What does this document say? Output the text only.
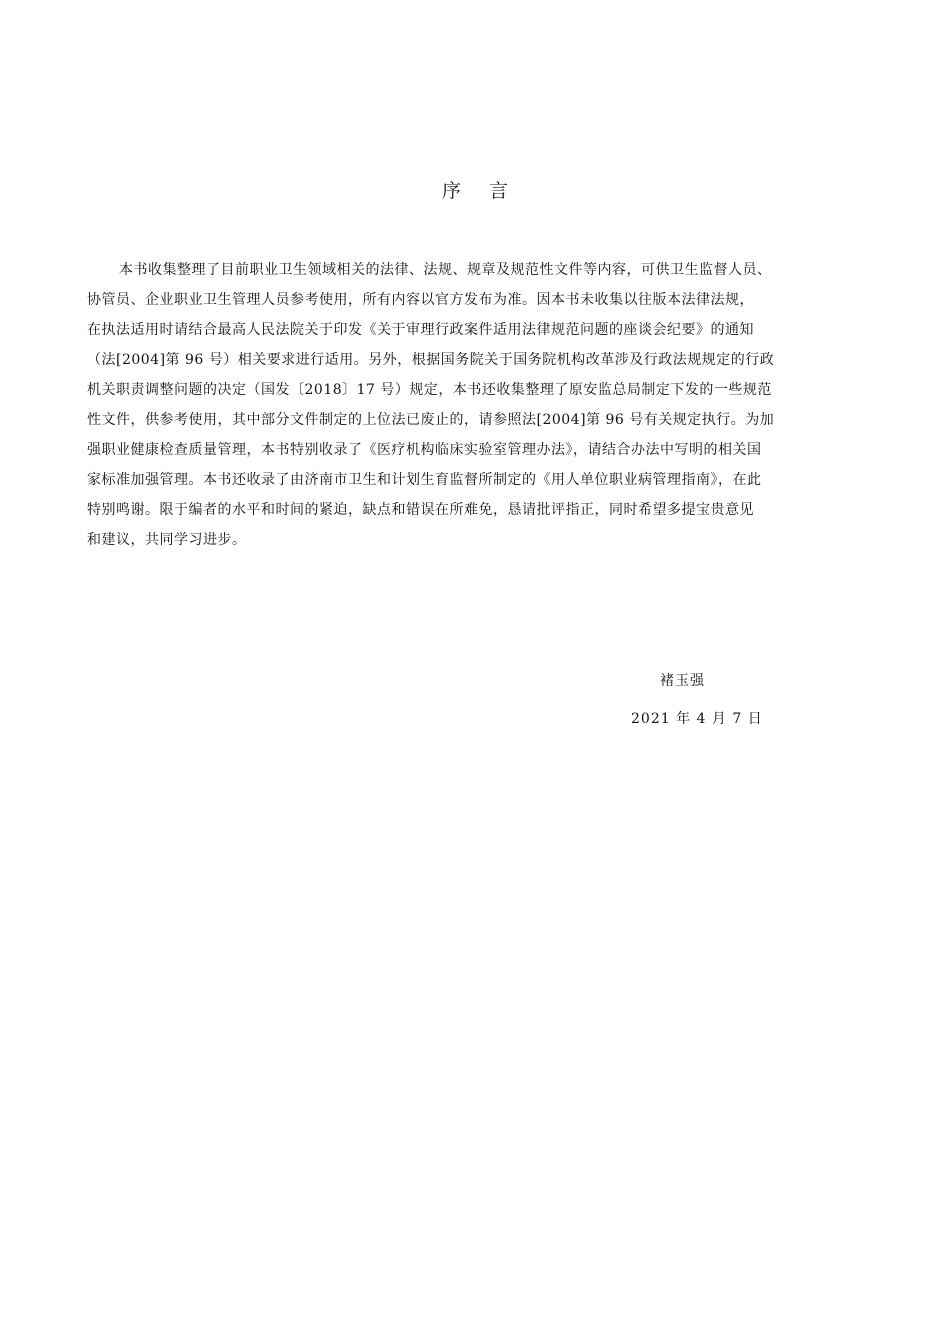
序言
本书收集整理了目前职业卫生领域相关的法律、法规、规章及规范性文件等内容，可供卫生监督人员、
协管员、企业职业卫生管理人员参考使用，所有内容以官方发布为准。因本书未收集以往版本法律法规，
在执法适用时请结合最高人民法院关于印发《关于审理行政案件适用法律规范问题的座谈会纪要》的通知
（法[2004]第 96 号）相关要求进行适用。另外，根据国务院关于国务院机构改革涉及行政法规规定的行政
机关职责调整问题的决定（国发〔2018〕17 号）规定，本书还收集整理了原安监总局制定下发的一些规范
性文件，供参考使用，其中部分文件制定的上位法已废止的，请参照法[2004]第 96 号有关规定执行。为加
强职业健康检查质量管理，本书特别收录了《医疗机构临床实验室管理办法》，请结合办法中写明的相关国
家标准加强管理。本书还收录了由济南市卫生和计划生育监督所制定的《用人单位职业病管理指南》，在此
特别鸣谢。限于编者的水平和时间的紧迫，缺点和错误在所难免，恳请批评指正，同时希望多提宝贵意见
和建议，共同学习进步。
褚玉强
2021 年 4 月 7 日
